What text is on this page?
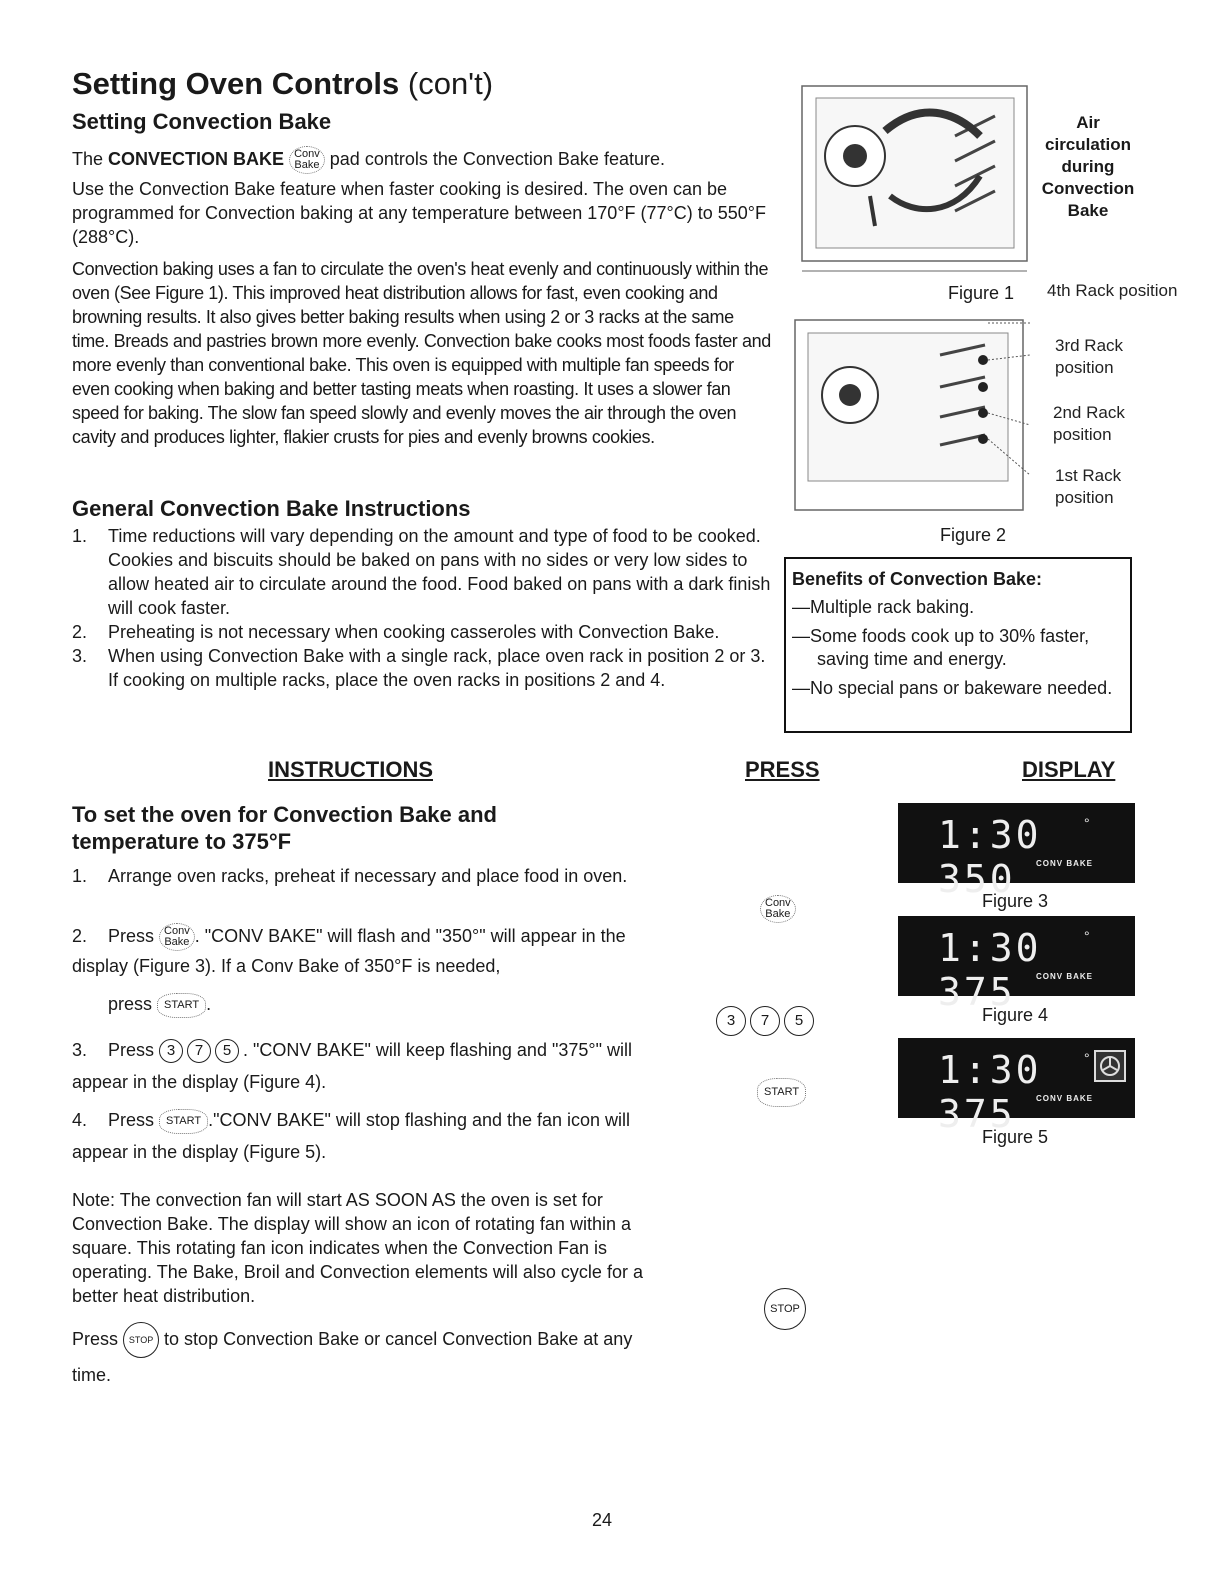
Setting Oven Controls (con't)
Setting Convection Bake
The CONVECTION BAKE Conv
Bake pad controls the Convection Bake feature.
Use the Convection Bake feature when faster cooking is desired. The oven can be programmed for Convection baking at any temperature between 170°F (77°C) to 550°F (288°C).
Convection baking uses a fan to circulate the oven's heat evenly and continuously within the oven (See Figure 1). This improved heat distribution allows for fast, even cooking and browning results. It also gives better baking results when using 2 or 3 racks at the same time. Breads and pastries brown more evenly. Convection bake cooks most foods faster and more evenly than conventional bake. This oven is equipped with multiple fan speeds for even cooking when baking and better tasting meats when roasting. It uses a slower fan speed for baking. The slow fan speed slowly and evenly moves the air through the oven cavity and produces lighter, flakier crusts for pies and evenly browns cookies.
General Convection Bake Instructions
1. Time reductions will vary depending on the amount and type of food to be cooked. Cookies and biscuits should be baked on pans with no sides or very low sides to allow heated air to circulate around the food. Food baked on pans with a dark finish will cook faster.
2. Preheating is not necessary when cooking casseroles with Convection Bake.
3. When using Convection Bake with a single rack, place oven rack in position 2 or 3. If cooking on multiple racks, place the oven racks in positions 2 and 4.
Air circulation during Convection Bake
Figure 1 4th Rack position
3rd Rack position
2nd Rack position
1st Rack position
Figure 2
Benefits of Convection Bake:
—Multiple rack baking.
—Some foods cook up to 30% faster, saving time and energy.
—No special pans or bakeware needed.
INSTRUCTIONS	PRESS	DISPLAY
To set the oven for Convection Bake and temperature to 375°F
1. Arrange oven racks, preheat if necessary and place food in oven.
2. Press Conv
Bake . "CONV BAKE" will flash and "350°" will appear in the display (Figure 3). If a Conv Bake of 350°F is needed,
press START .
3. Press 3 7 5 . "CONV BAKE" will keep flashing and "375°" will appear in the display (Figure 4).
4. Press START ."CONV BAKE" will stop flashing and the fan icon will appear in the display (Figure 5).
Conv
Bake
3 7 5
START
STOP
1:30 350
°
CONV BAKE
Figure 3
1:30 375
°
CONV BAKE
Figure 4
1:30 375
°
CONV BAKE
Figure 5
Note: The convection fan will start AS SOON AS the oven is set for Convection Bake. The display will show an icon of rotating fan within a square. This rotating fan icon indicates when the Convection Fan is operating. The Bake, Broil and Convection elements will also cycle for a better heat distribution.
Press STOP to stop Convection Bake or cancel Convection Bake at any time.
24
